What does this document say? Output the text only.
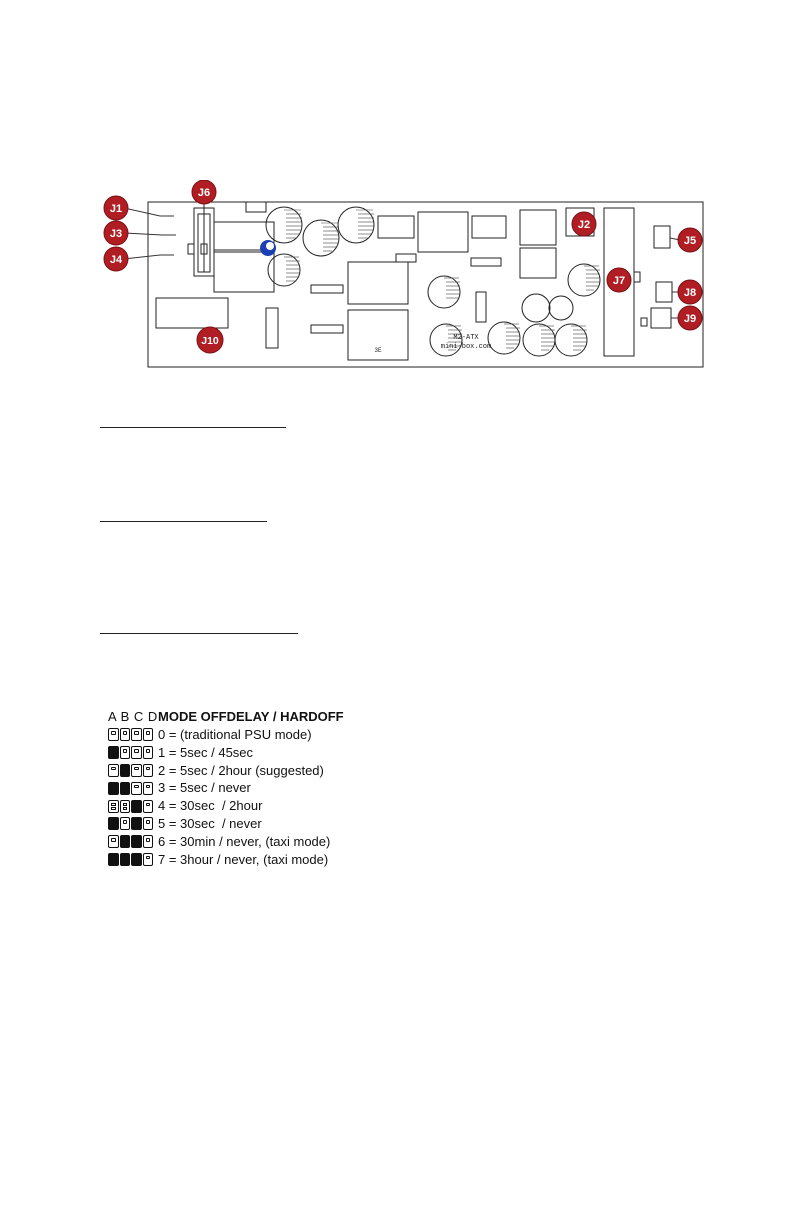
3E
M2-ATX
mini-box.com
J1
J3
J4
J6
J2
J5
J7
J8
J9
J10
A B C D MODE OFFDELAY / HARDOFF
0 = (traditional PSU mode)
1 = 5sec / 45sec
2 = 5sec / 2hour (suggested)
3 = 5sec / never
4 = 30sec  / 2hour
5 = 30sec  / never
6 = 30min / never, (taxi mode)
7 = 3hour / never, (taxi mode)
